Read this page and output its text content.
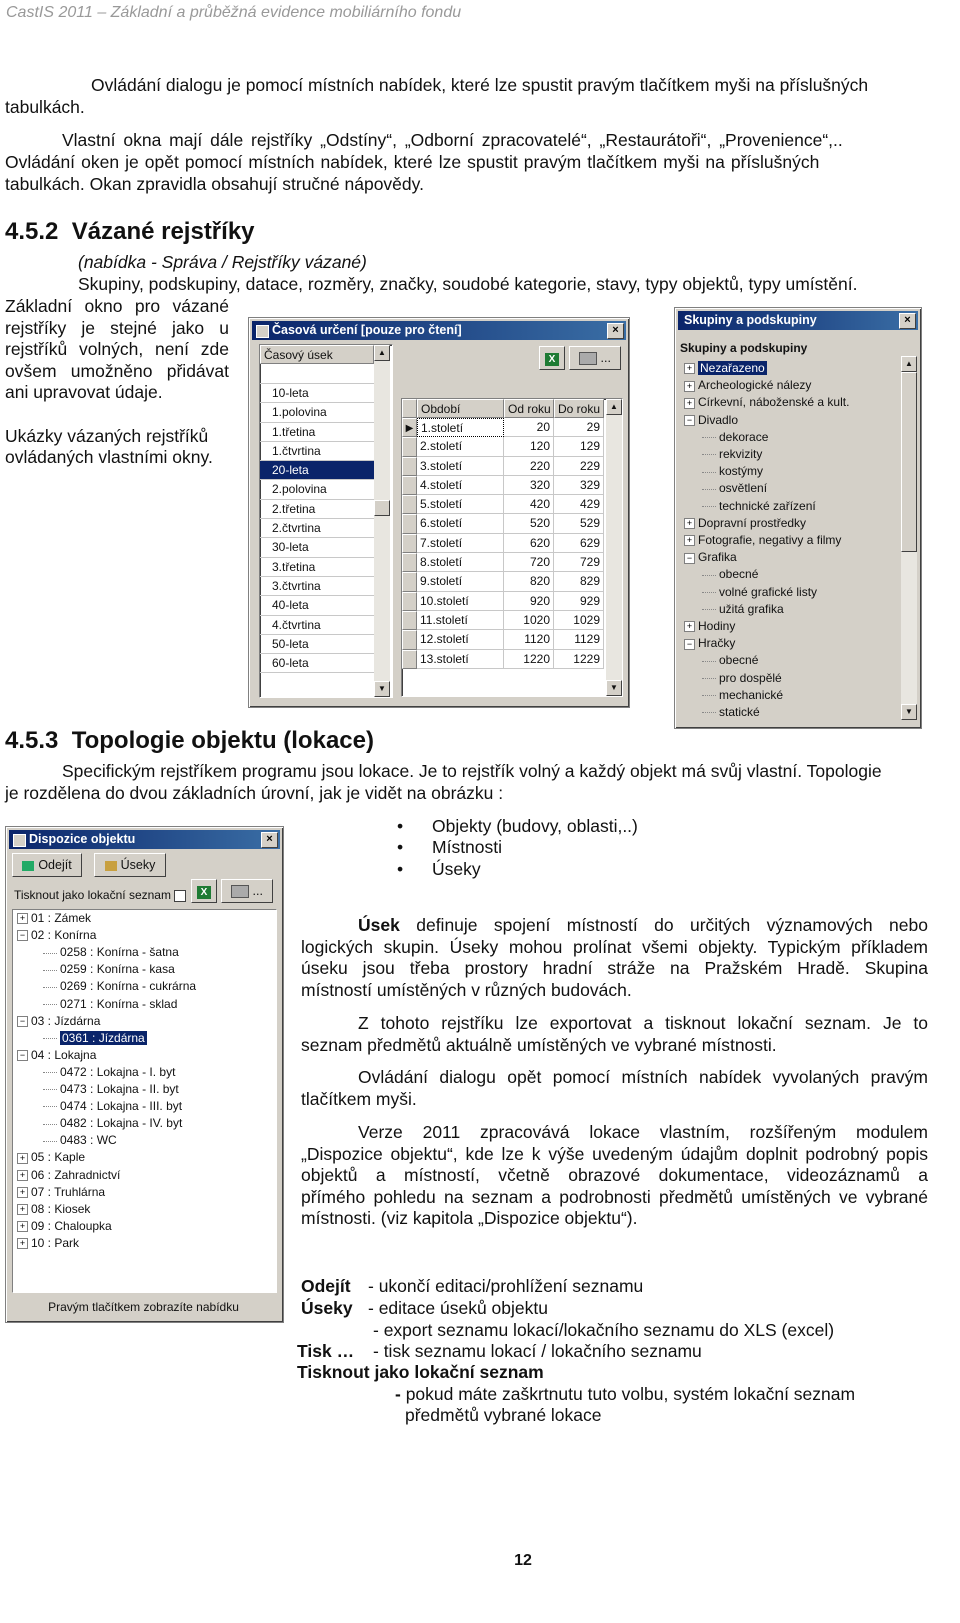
CastIS 2011 – Základní a průběžná evidence mobiliárního fondu
Ovládání dialogu je pomocí místních nabídek, které lze spustit pravým tlačítkem myši na příslušných
tabulkách.
Vlastní okna mají dále rejstříky „Odstíny“, „Odborní zpracovatelé“, „Restaurátoři“, „Provenience“,..
Ovládání oken je opět pomocí místních nabídek, které lze spustit pravým tlačítkem myši na příslušných
tabulkách. Okan zpravidla obsahují stručné nápovědy.
4.5.2 Vázané rejstříky
(nabídka - Správa / Rejstříky vázané)
Skupiny, podskupiny, datace, rozměry, značky, soudobé kategorie, stavy, typy objektů, typy umístění.
Základní okno pro vázané
rejstříky je stejné jako u
rejstříků volných, není zde
ovšem umožněno přidávat
ani upravovat údaje.
Ukázky vázaných rejstříků
ovládaných vlastními okny.
Časová určení [pouze pro čtení]	×
X	...
Časový úsek
10-leta
1.polovina
1.třetina
1.čtvrtina
20-leta
2.polovina
2.třetina
2.čtvrtina
30-leta
3.třetina
3.čtvrtina
40-leta
4.čtvrtina
50-leta
60-leta
▲
▼
Období	Od roku Do roku
▶ 1.století	20	29
2.století	120	129
3.století	220	229
4.století	320	329
5.století	420	429
6.století	520	529
7.století	620	629
8.století	720	729
9.století	820	829
10.století	920	929
11.století	1020	1029
12.století	1120	1129
13.století	1220	1229
▲
▼
Skupiny a podskupiny	×
Skupiny a podskupiny
+ Nezařazeno
+ Archeologické nálezy
+ Církevní, náboženské a kult.
− Divadlo
dekorace
rekvizity
kostýmy
osvětlení
technické zařízení
+ Dopravní prostředky
+ Fotografie, negativy a filmy
− Grafika
obecné
volné grafické listy
užitá grafika
+ Hodiny
− Hračky
obecné
pro dospělé
mechanické
statické
▲
▼
4.5.3 Topologie objektu (lokace)
Specifickým rejstříkem programu jsou lokace. Je to rejstřík volný a každý objekt má svůj vlastní. Topologie
je rozdělena do dvou základních úrovní, jak je vidět na obrázku :
• Objekty (budovy, oblasti,..)
• Místnosti
• Úseky
Úsek definuje spojení místností do určitých významových nebo
logických skupin. Úseky mohou prolínat všemi objekty. Typickým příkladem
úseku jsou třeba prostory hradní stráže na Pražském Hradě. Skupina
místností umístěných v různých budovách.
Z tohoto rejstříku lze exportovat a tisknout lokační seznam. Je to
seznam předmětů aktuálně umístěných ve vybrané místnosti.
Ovládání dialogu opět pomocí místních nabídek vyvolaných pravým
tlačítkem myši.
Verze 2011 zpracovává lokace vlastním, rozšířeným modulem
„Dispozice objektu“, kde lze k výše uvedeným údajům doplnit podrobný popis
objektů a místností, včetně obrazové dokumentace, videozáznamů a
přímého pohledu na seznam a podrobnosti předmětů umístěných ve vybrané
místnosti. (viz kapitola „Dispozice objektu“).
Dispozice objektu	×
Odejít	Úseky
Tisknout jako lokační seznam	X	...
+ 01 : Zámek
− 02 : Konírna
0258 : Konírna - šatna
0259 : Konírna - kasa
0269 : Konírna - cukrárna
0271 : Konírna - sklad
− 03 : Jízdárna
0361 : Jízdárna
− 04 : Lokajna
0472 : Lokajna - I. byt
0473 : Lokajna - II. byt
0474 : Lokajna - III. byt
0482 : Lokajna - IV. byt
0483 : WC
+ 05 : Kaple
+ 06 : Zahradnictví
+ 07 : Truhlárna
+ 08 : Kiosek
+ 09 : Chaloupka
+ 10 : Park
Pravým tlačítkem zobrazíte nabídku
Odejít - ukončí editaci/prohlížení seznamu
Úseky - editace úseků objektu
- export seznamu lokací/lokačního seznamu do XLS (excel)
Tisk … - tisk seznamu lokací / lokačního seznamu
Tisknout jako lokační seznam
- pokud máte zaškrtnutu tuto volbu, systém lokační seznam
předmětů vybrané lokace
12
